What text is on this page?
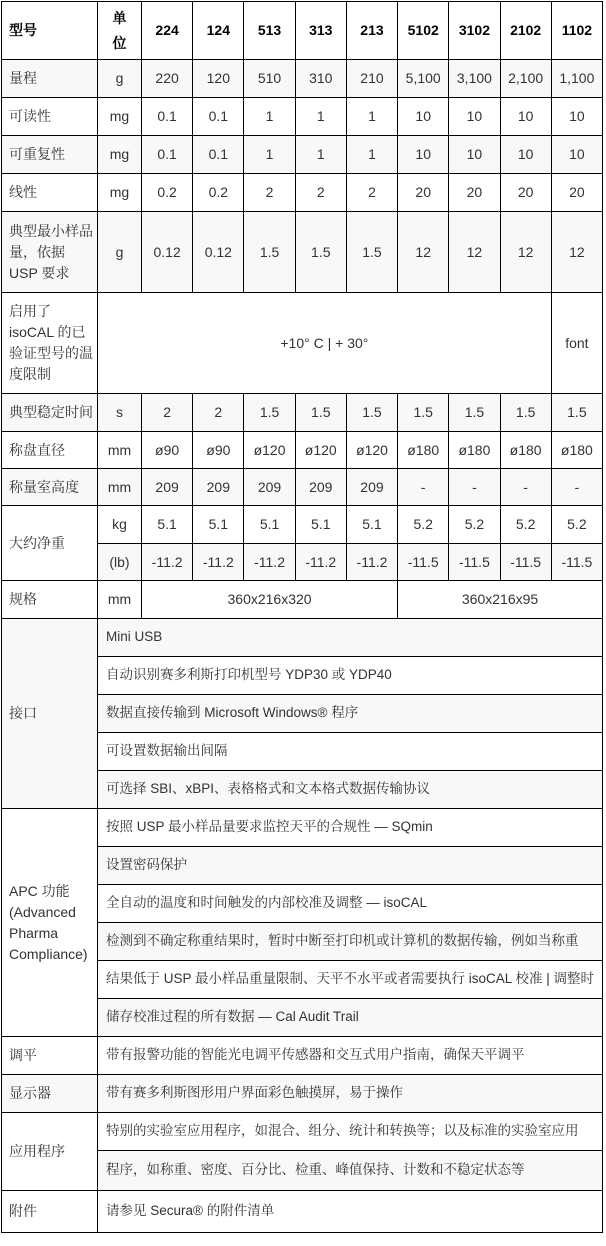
型号	单位	224	124	513	313	213	5102	3102	2102	1102
量程	g	220	120	510	310	210	5,100	3,100	2,100	1,100
可读性	mg	0.1	0.1	1	1	1	10	10	10	10
可重复性	mg	0.1	0.1	1	1	1	10	10	10	10
线性	mg	0.2	0.2	2	2	2	20	20	20	20
典型最小样品量，依据 USP 要求	g	0.12	0.12	1.5	1.5	1.5	12	12	12	12
启用了 isoCAL 的已验证型号的温度限制	+10° C | + 30°									font
典型稳定时间	s	2	2	1.5	1.5	1.5	1.5	1.5	1.5	1.5
称盘直径	mm	ø90	ø90	ø120	ø120	ø120	ø180	ø180	ø180	ø180
称量室高度	mm	209	209	209	209	209	-	-	-	-
大约净重	kg	5.1	5.1	5.1	5.1	5.1	5.2	5.2	5.2	5.2
	(lb)	-11.2	-11.2	-11.2	-11.2	-11.2	-11.5	-11.5	-11.5	-11.5
规格	mm	360x216x320					360x216x95			
接口	Mini USB									
	自动识别赛多利斯打印机型号 YDP30 或 YDP40									
	数据直接传输到 Microsoft Windows® 程序									
	可设置数据输出间隔									
	可选择 SBI、xBPI、表格格式和文本格式数据传输协议									
APC 功能 (Advanced Pharma Compliance)	按照 USP 最小样品量要求监控天平的合规性 — SQmin									
	设置密码保护									
	全自动的温度和时间触发的内部校准及调整 — isoCAL									
	检测到不确定称重结果时，暂时中断至打印机或计算机的数据传输，例如当称重									
	结果低于 USP 最小样品重量限制、天平不水平或者需要执行 isoCAL 校准 | 调整时									
	储存校准过程的所有数据 — Cal Audit Trail									
调平	带有报警功能的智能光电调平传感器和交互式用户指南，确保天平调平									
显示器	带有赛多利斯图形用户界面彩色触摸屏，易于操作									
应用程序	特别的实验室应用程序，如混合、组分、统计和转换等；以及标准的实验室应用									
	程序，如称重、密度、百分比、检重、峰值保持、计数和不稳定状态等									
附件	请参见 Secura® 的附件清单									
